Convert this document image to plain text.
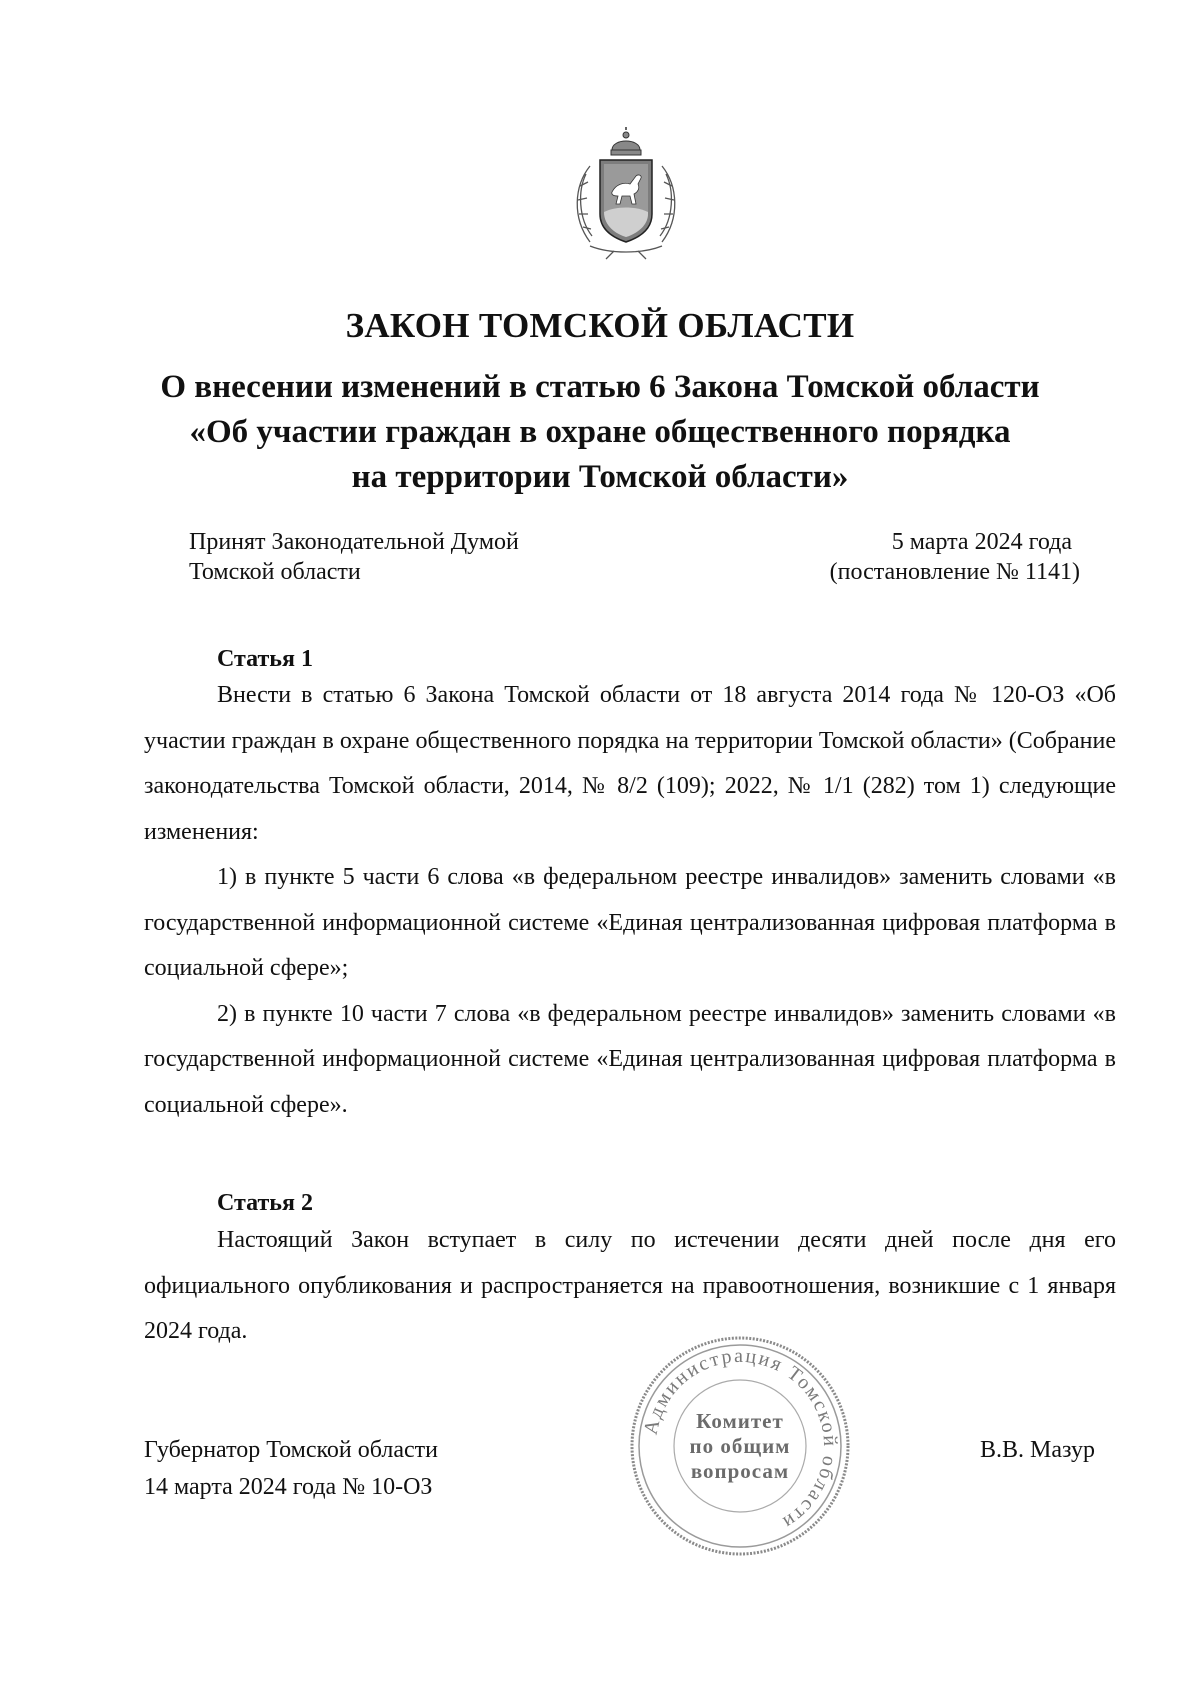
ЗАКОН ТОМСКОЙ ОБЛАСТИ
О внесении изменений в статью 6 Закона Томской области
«Об участии граждан в охране общественного порядка
на территории Томской области»
Принят Законодательной Думой
Томской области
5 марта 2024 года
(постановление № 1141)
Статья 1

Внести в статью 6 Закона Томской области от 18 августа 2014 года № 120-ОЗ «Об участии граждан в охране общественного порядка на территории Томской области» (Собрание законодательства Томской области, 2014, № 8/2 (109); 2022, № 1/1 (282) том 1) следующие изменения:

1) в пункте 5 части 6 слова «в федеральном реестре инвалидов» заменить словами «в государственной информационной системе «Единая централизованная цифровая платформа в социальной сфере»;

2) в пункте 10 части 7 слова «в федеральном реестре инвалидов» заменить словами «в государственной информационной системе «Единая централизованная цифровая платформа в социальной сфере».

Статья 2

Настоящий Закон вступает в силу по истечении десяти дней после дня его официального опубликования и распространяется на правоотношения, возникшие с 1 января 2024 года.

Губернатор Томской области
14 марта 2024 года № 10-ОЗ
В.В. Мазур
Администрация Томской области
Комитет
по общим
вопросам
